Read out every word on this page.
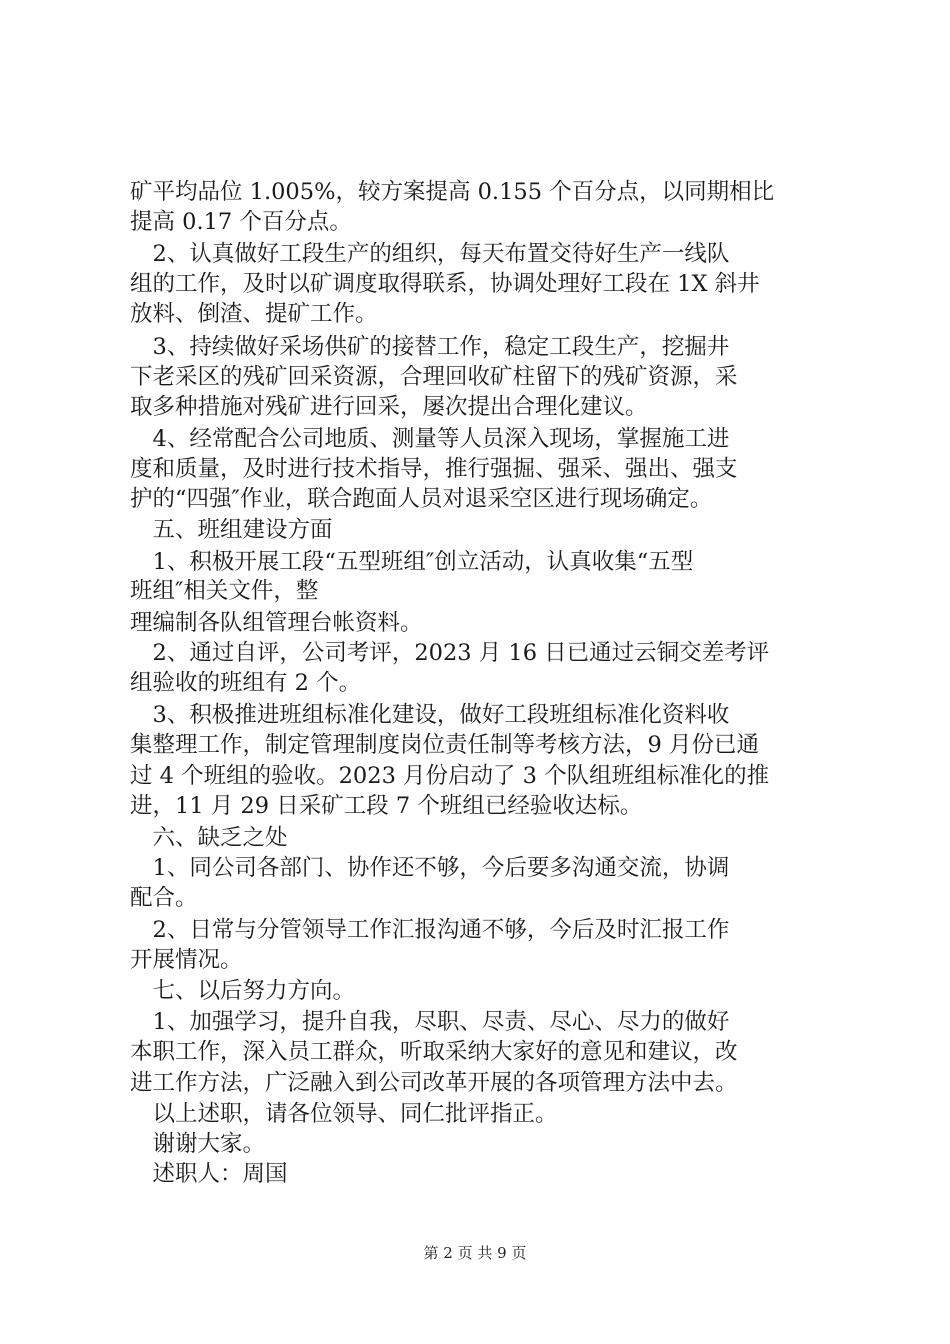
矿平均品位 1.005%，较方案提高 0.155 个百分点，以同期相比
提高 0.17 个百分点。
　2、认真做好工段生产的组织，每天布置交待好生产一线队
组的工作，及时以矿调度取得联系，协调处理好工段在 1X 斜井
放料、倒渣、提矿工作。
　3、持续做好采场供矿的接替工作，稳定工段生产，挖掘井
下老采区的残矿回采资源，合理回收矿柱留下的残矿资源，采
取多种措施对残矿进行回采，屡次提出合理化建议。
　4、经常配合公司地质、测量等人员深入现场，掌握施工进
度和质量，及时进行技术指导，推行强掘、强采、强出、强支
护的“四强″作业，联合跑面人员对退采空区进行现场确定。
　五、班组建设方面
　1、积极开展工段“五型班组″创立活动，认真收集“五型
班组″相关文件，整
理编制各队组管理台帐资料。
　2、通过自评，公司考评，2023 月 16 日已通过云铜交差考评
组验收的班组有 2 个。
　3、积极推进班组标准化建设，做好工段班组标准化资料收
集整理工作，制定管理制度岗位责任制等考核方法，9 月份已通
过 4 个班组的验收。2023 月份启动了 3 个队组班组标准化的推
进，11 月 29 日采矿工段 7 个班组已经验收达标。
　六、缺乏之处
　1、同公司各部门、协作还不够，今后要多沟通交流，协调
配合。
　2、日常与分管领导工作汇报沟通不够，今后及时汇报工作
开展情况。
　七、以后努力方向。
　1、加强学习，提升自我，尽职、尽责、尽心、尽力的做好
本职工作，深入员工群众，听取采纳大家好的意见和建议，改
进工作方法，广泛融入到公司改革开展的各项管理方法中去。
　以上述职，请各位领导、同仁批评指正。
　谢谢大家。
　述职人：周国
第 2 页 共 9 页
